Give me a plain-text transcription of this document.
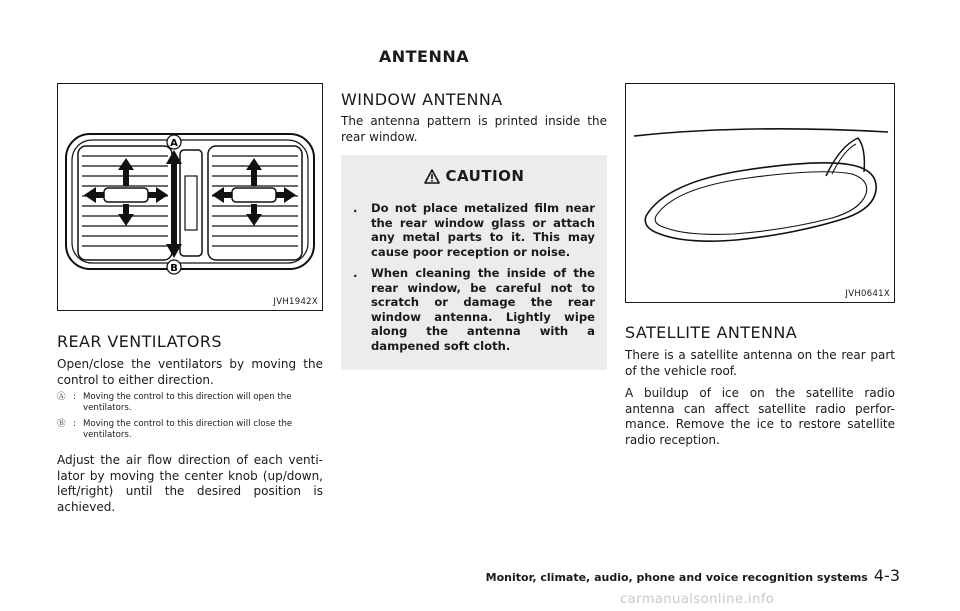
ANTENNA
A
B
JVH1942X
REAR VENTILATORS

Open/close the ventilators by moving the control to either direction.

Ⓐ : Moving the control to this direction will open the ventilators.
Ⓑ : Moving the control to this direction will close the ventilators.

Adjust the air flow direction of each venti-lator by moving the center knob (up/down, left/right) until the desired position is achieved.

WINDOW ANTENNA

The antenna pattern is printed inside the rear window.

CAUTION
.	Do not place metalized film near the rear window glass or attach any metal parts to it. This may cause poor reception or noise.
.	When cleaning the inside of the rear window, be careful not to scratch or damage the rear window antenna. Lightly wipe along the antenna with a dampened soft cloth.
JVH0641X
SATELLITE ANTENNA

There is a satellite antenna on the rear part of the vehicle roof.

A buildup of ice on the satellite radio antenna can affect satellite radio perfor-mance. Remove the ice to restore satellite radio reception.

Monitor, climate, audio, phone and voice recognition systems 4-3
carmanualsonline.info
